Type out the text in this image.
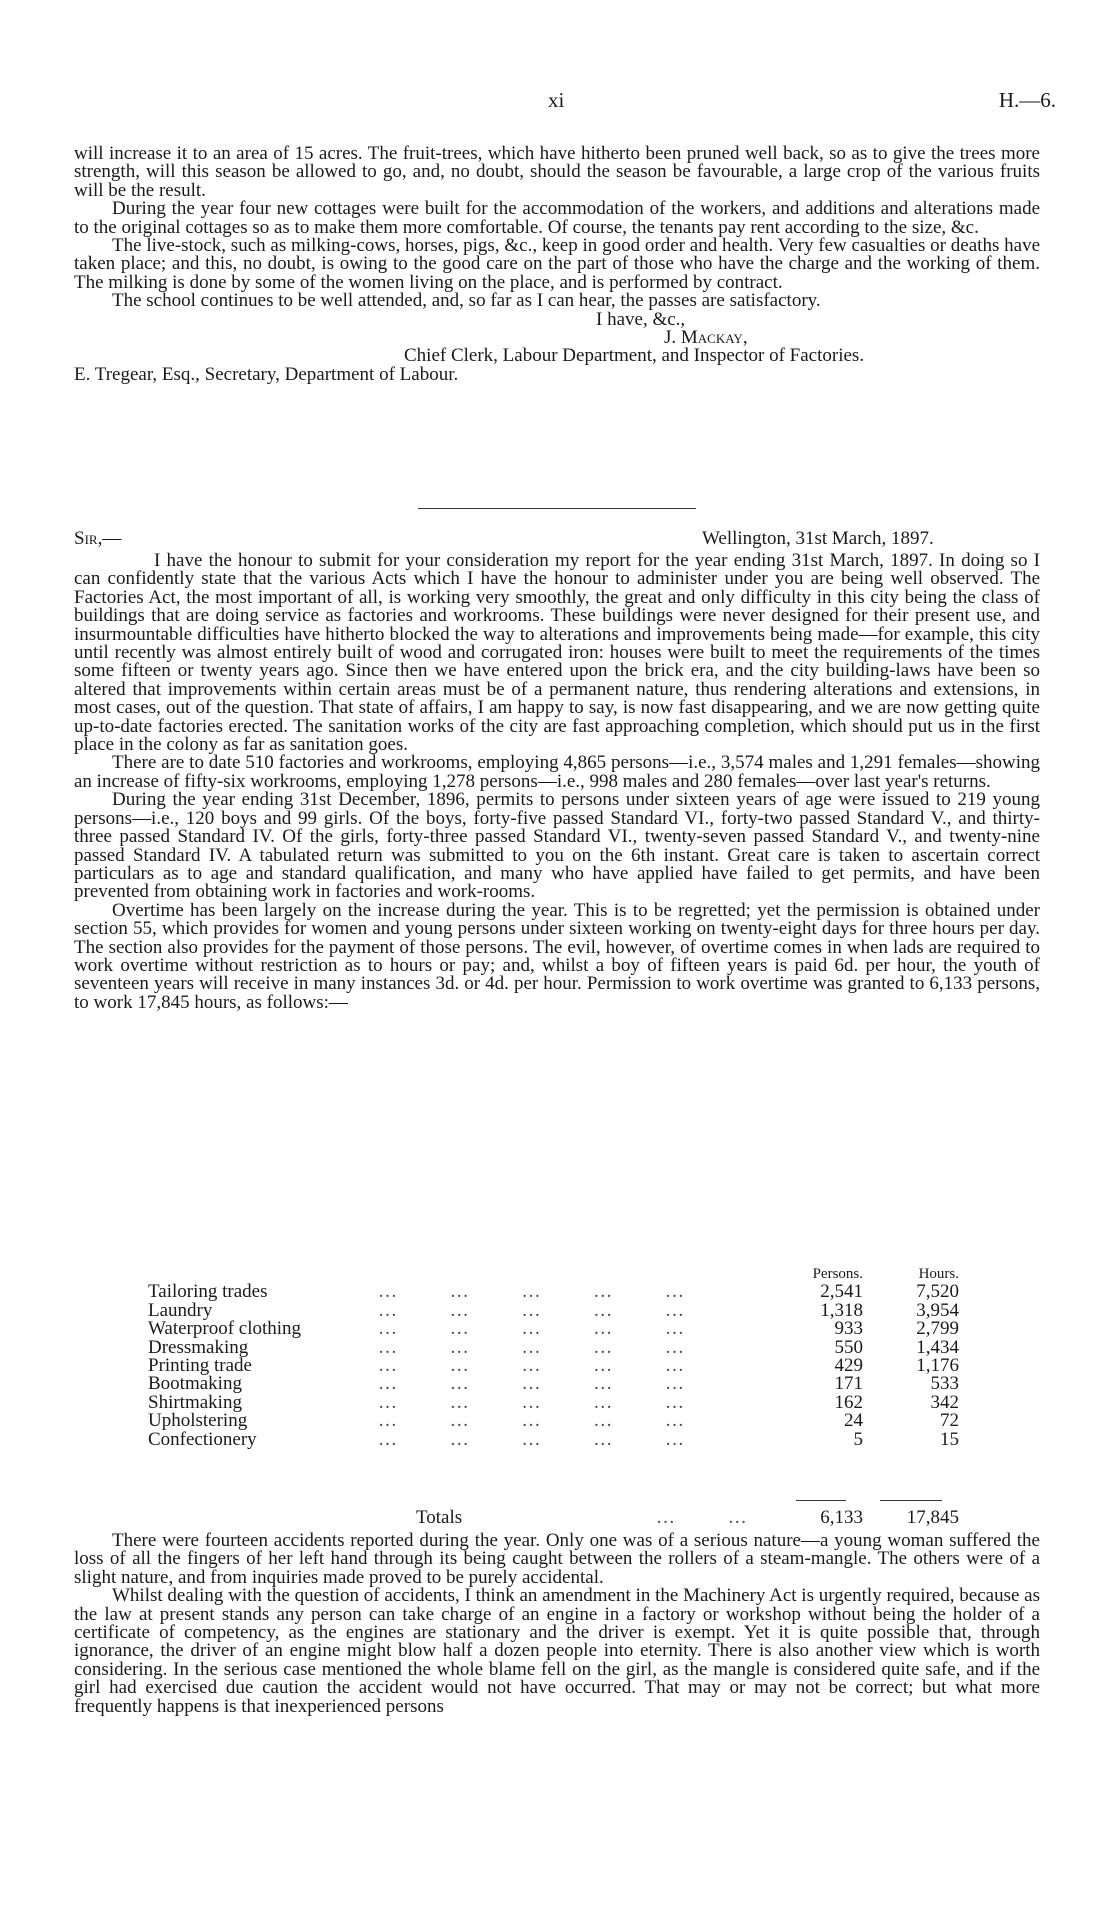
xi	H.—6.

will increase it to an area of 15 acres. The fruit-trees, which have hitherto been pruned well back, so as to give the trees more strength, will this season be allowed to go, and, no doubt, should the season be favourable, a large crop of the various fruits will be the result.

During the year four new cottages were built for the accommodation of the workers, and additions and alterations made to the original cottages so as to make them more comfortable. Of course, the tenants pay rent according to the size, &c.

The live-stock, such as milking-cows, horses, pigs, &c., keep in good order and health. Very few casualties or deaths have taken place; and this, no doubt, is owing to the good care on the part of those who have the charge and the working of them. The milking is done by some of the women living on the place, and is performed by contract.

The school continues to be well attended, and, so far as I can hear, the passes are satisfactory.

I have, &c.,

J. Mackay,

Chief Clerk, Labour Department, and Inspector of Factories.

E. Tregear, Esq., Secretary, Department of Labour.

Sir,—	Wellington, 31st March, 1897.

I have the honour to submit for your consideration my report for the year ending 31st March, 1897. In doing so I can confidently state that the various Acts which I have the honour to administer under you are being well observed. The Factories Act, the most important of all, is working very smoothly, the great and only difficulty in this city being the class of buildings that are doing service as factories and workrooms. These buildings were never designed for their present use, and insurmountable difficulties have hitherto blocked the way to alterations and improvements being made—for example, this city until recently was almost entirely built of wood and corrugated iron: houses were built to meet the requirements of the times some fifteen or twenty years ago. Since then we have entered upon the brick era, and the city building-laws have been so altered that improvements within certain areas must be of a permanent nature, thus rendering alterations and extensions, in most cases, out of the question. That state of affairs, I am happy to say, is now fast disappearing, and we are now getting quite up-to-date factories erected. The sanitation works of the city are fast approaching completion, which should put us in the first place in the colony as far as sanitation goes.

There are to date 510 factories and workrooms, employing 4,865 persons—i.e., 3,574 males and 1,291 females—showing an increase of fifty-six workrooms, employing 1,278 persons—i.e., 998 males and 280 females—over last year's returns.

During the year ending 31st December, 1896, permits to persons under sixteen years of age were issued to 219 young persons—i.e., 120 boys and 99 girls. Of the boys, forty-five passed Standard VI., forty-two passed Standard V., and thirty-three passed Standard IV. Of the girls, forty-three passed Standard VI., twenty-seven passed Standard V., and twenty-nine passed Standard IV. A tabulated return was submitted to you on the 6th instant. Great care is taken to ascertain correct particulars as to age and standard qualification, and many who have applied have failed to get permits, and have been prevented from obtaining work in factories and work-rooms.

Overtime has been largely on the increase during the year. This is to be regretted; yet the permission is obtained under section 55, which provides for women and young persons under sixteen working on twenty-eight days for three hours per day. The section also provides for the payment of those persons. The evil, however, of overtime comes in when lads are required to work overtime without restriction as to hours or pay; and, whilst a boy of fifteen years is paid 6d. per hour, the youth of seventeen years will receive in many instances 3d. or 4d. per hour. Permission to work overtime was granted to 6,133 persons, to work 17,845 hours, as follows:—

		Persons.	Hours.
Tailoring trades	…         …         …         …         …	2,541	7,520
Laundry	…         …         …         …         …	1,318	3,954
Waterproof clothing	…         …         …         …         …	933	2,799
Dressmaking	…         …         …         …         …	550	1,434
Printing trade	…         …         …         …         …	429	1,176
Bootmaking	…         …         …         …         …	171	533
Shirtmaking	…         …         …         …         …	162	342
Upholstering	…         …         …         …         …	24	72
Confectionery	…         …         …         …         …	5	15
	Totals	…         …	6,133	17,845

There were fourteen accidents reported during the year. Only one was of a serious nature—a young woman suffered the loss of all the fingers of her left hand through its being caught between the rollers of a steam-mangle. The others were of a slight nature, and from inquiries made proved to be purely accidental.

Whilst dealing with the question of accidents, I think an amendment in the Machinery Act is urgently required, because as the law at present stands any person can take charge of an engine in a factory or workshop without being the holder of a certificate of competency, as the engines are stationary and the driver is exempt. Yet it is quite possible that, through ignorance, the driver of an engine might blow half a dozen people into eternity. There is also another view which is worth considering. In the serious case mentioned the whole blame fell on the girl, as the mangle is considered quite safe, and if the girl had exercised due caution the accident would not have occurred. That may or may not be correct; but what more frequently happens is that inexperienced persons
